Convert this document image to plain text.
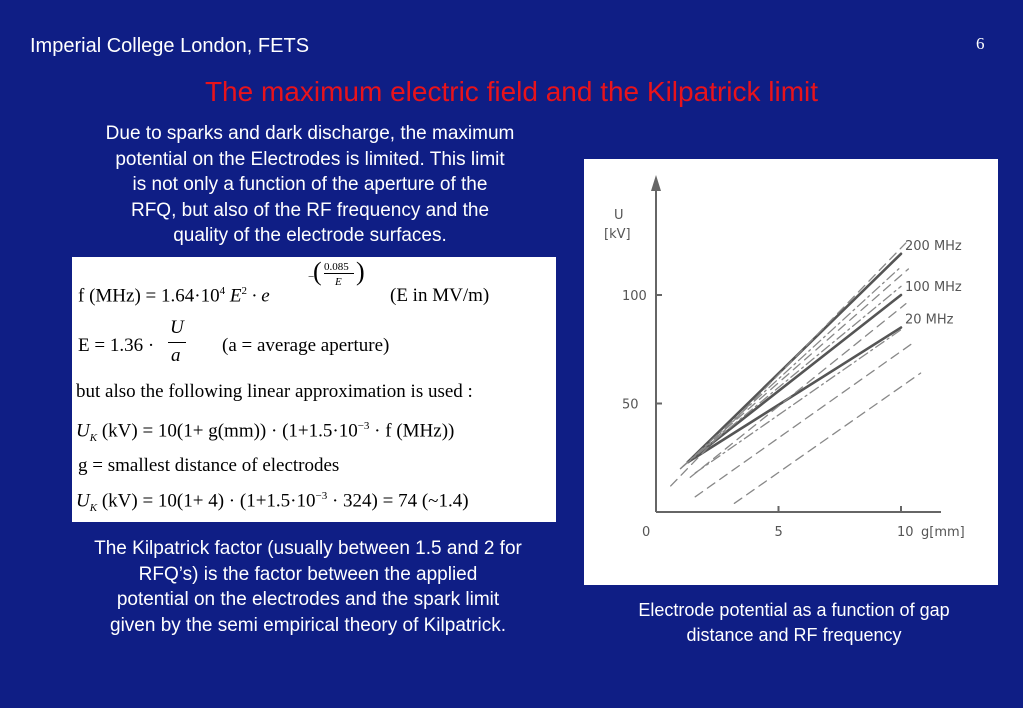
Imperial College London, FETS	6
The maximum electric field and the Kilpatrick limit
Due to sparks and dark discharge, the maximum
potential on the Electrodes is limited. This limit
is not only a function of the aperture of the
RFQ, but also of the RF frequency and the
quality of the electrode surfaces.
f $(MHz) = 1.64\cdot 10^4$ $E^2 \cdot e$
−
( 0.085
E )
(E in MV/m)
E = 1.36 ·
U
a (a = average aperture)
but also the following linear approximation is used :
$U_K$ $(kV) = 10(1+ g(mm)) \cdot (1+1.5\cdot 10^{-3} \cdot f$ (MHz))
g = smallest distance of electrodes
$U_K$ $(kV) = 10(1+ 4) \cdot (1+1.5\cdot 10^{-3} \cdot 324) = 74$ (~1.4)
The Kilpatrick factor (usually between 1.5 and 2 for
RFQ’s) is the factor between the applied
potential on the electrodes and the spark limit
given by the semi empirical theory of Kilpatrick.
0	5	10
50
100
g[mm]
U
[kV]
200 MHz
100 MHz
20 MHz
Electrode potential as a function of gap
distance and RF frequency
